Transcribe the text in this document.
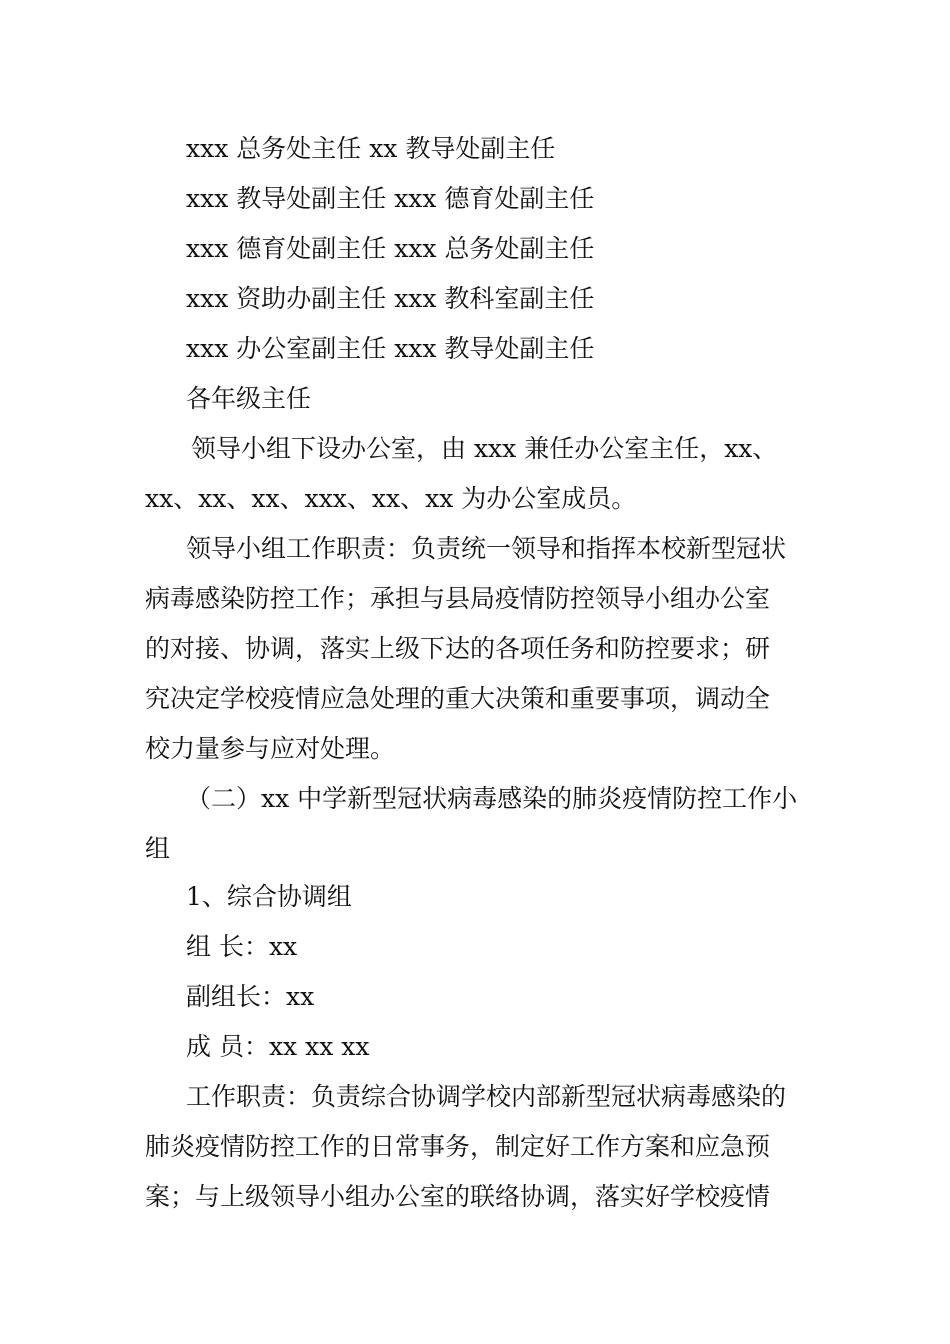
xxx 总务处主任 xx 教导处副主任
xxx 教导处副主任 xxx 德育处副主任
xxx 德育处副主任 xxx 总务处副主任
xxx 资助办副主任 xxx 教科室副主任
xxx 办公室副主任 xxx 教导处副主任
各年级主任
领导小组下设办公室，由 xxx 兼任办公室主任，xx、
xx、xx、xx、xxx、xx、xx 为办公室成员。
领导小组工作职责：负责统一领导和指挥本校新型冠状
病毒感染防控工作；承担与县局疫情防控领导小组办公室
的对接、协调，落实上级下达的各项任务和防控要求；研
究决定学校疫情应急处理的重大决策和重要事项，调动全
校力量参与应对处理。
（二）xx 中学新型冠状病毒感染的肺炎疫情防控工作小
组
1、综合协调组
组 长：xx
副组长：xx
成 员：xx xx xx
工作职责：负责综合协调学校内部新型冠状病毒感染的
肺炎疫情防控工作的日常事务，制定好工作方案和应急预
案；与上级领导小组办公室的联络协调，落实好学校疫情
